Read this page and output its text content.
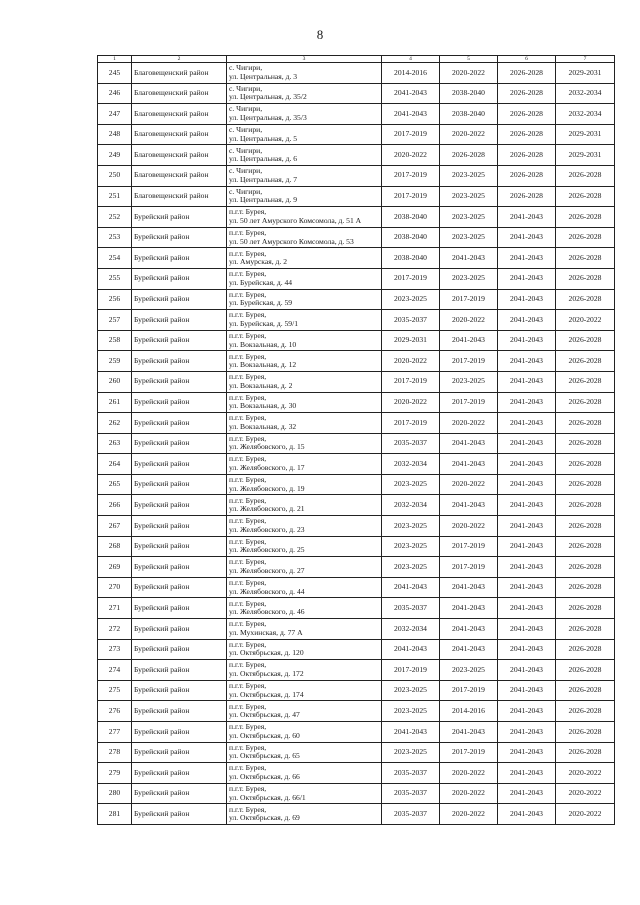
8
1	2	3	4	5	6	7
245	Благовещенский район	с. Чигири,
ул. Центральная, д. 3	2014-2016	2020-2022	2026-2028	2029-2031
246	Благовещенский район	с. Чигири,
ул. Центральная, д. 35/2	2041-2043	2038-2040	2026-2028	2032-2034
247	Благовещенский район	с. Чигири,
ул. Центральная, д. 35/3	2041-2043	2038-2040	2026-2028	2032-2034
248	Благовещенский район	с. Чигири,
ул. Центральная, д. 5	2017-2019	2020-2022	2026-2028	2029-2031
249	Благовещенский район	с. Чигири,
ул. Центральная, д. 6	2020-2022	2026-2028	2026-2028	2029-2031
250	Благовещенский район	с. Чигири,
ул. Центральная, д. 7	2017-2019	2023-2025	2026-2028	2026-2028
251	Благовещенский район	с. Чигири,
ул. Центральная, д. 9	2017-2019	2023-2025	2026-2028	2026-2028
252	Бурейский район	п.г.т. Бурея,
ул. 50 лет Амурского Комсомола, д. 51 А	2038-2040	2023-2025	2041-2043	2026-2028
253	Бурейский район	п.г.т. Бурея,
ул. 50 лет Амурского Комсомола, д. 53	2038-2040	2023-2025	2041-2043	2026-2028
254	Бурейский район	п.г.т. Бурея,
ул. Амурская, д. 2	2038-2040	2041-2043	2041-2043	2026-2028
255	Бурейский район	п.г.т. Бурея,
ул. Бурейская, д. 44	2017-2019	2023-2025	2041-2043	2026-2028
256	Бурейский район	п.г.т. Бурея,
ул. Бурейская, д. 59	2023-2025	2017-2019	2041-2043	2026-2028
257	Бурейский район	п.г.т. Бурея,
ул. Бурейская, д. 59/1	2035-2037	2020-2022	2041-2043	2020-2022
258	Бурейский район	п.г.т. Бурея,
ул. Вокзальная, д. 10	2029-2031	2041-2043	2041-2043	2026-2028
259	Бурейский район	п.г.т. Бурея,
ул. Вокзальная, д. 12	2020-2022	2017-2019	2041-2043	2026-2028
260	Бурейский район	п.г.т. Бурея,
ул. Вокзальная, д. 2	2017-2019	2023-2025	2041-2043	2026-2028
261	Бурейский район	п.г.т. Бурея,
ул. Вокзальная, д. 30	2020-2022	2017-2019	2041-2043	2026-2028
262	Бурейский район	п.г.т. Бурея,
ул. Вокзальная, д. 32	2017-2019	2020-2022	2041-2043	2026-2028
263	Бурейский район	п.г.т. Бурея,
ул. Желябовского, д. 15	2035-2037	2041-2043	2041-2043	2026-2028
264	Бурейский район	п.г.т. Бурея,
ул. Желябовского, д. 17	2032-2034	2041-2043	2041-2043	2026-2028
265	Бурейский район	п.г.т. Бурея,
ул. Желябовского, д. 19	2023-2025	2020-2022	2041-2043	2026-2028
266	Бурейский район	п.г.т. Бурея,
ул. Желябовского, д. 21	2032-2034	2041-2043	2041-2043	2026-2028
267	Бурейский район	п.г.т. Бурея,
ул. Желябовского, д. 23	2023-2025	2020-2022	2041-2043	2026-2028
268	Бурейский район	п.г.т. Бурея,
ул. Желябовского, д. 25	2023-2025	2017-2019	2041-2043	2026-2028
269	Бурейский район	п.г.т. Бурея,
ул. Желябовского, д. 27	2023-2025	2017-2019	2041-2043	2026-2028
270	Бурейский район	п.г.т. Бурея,
ул. Желябовского, д. 44	2041-2043	2041-2043	2041-2043	2026-2028
271	Бурейский район	п.г.т. Бурея,
ул. Желябовского, д. 46	2035-2037	2041-2043	2041-2043	2026-2028
272	Бурейский район	п.г.т. Бурея,
ул. Мухинская, д. 77 А	2032-2034	2041-2043	2041-2043	2026-2028
273	Бурейский район	п.г.т. Бурея,
ул. Октябрьская, д. 120	2041-2043	2041-2043	2041-2043	2026-2028
274	Бурейский район	п.г.т. Бурея,
ул. Октябрьская, д. 172	2017-2019	2023-2025	2041-2043	2026-2028
275	Бурейский район	п.г.т. Бурея,
ул. Октябрьская, д. 174	2023-2025	2017-2019	2041-2043	2026-2028
276	Бурейский район	п.г.т. Бурея,
ул. Октябрьская, д. 47	2023-2025	2014-2016	2041-2043	2026-2028
277	Бурейский район	п.г.т. Бурея,
ул. Октябрьская, д. 60	2041-2043	2041-2043	2041-2043	2026-2028
278	Бурейский район	п.г.т. Бурея,
ул. Октябрьская, д. 65	2023-2025	2017-2019	2041-2043	2026-2028
279	Бурейский район	п.г.т. Бурея,
ул. Октябрьская, д. 66	2035-2037	2020-2022	2041-2043	2020-2022
280	Бурейский район	п.г.т. Бурея,
ул. Октябрьская, д. 66/1	2035-2037	2020-2022	2041-2043	2020-2022
281	Бурейский район	п.г.т. Бурея,
ул. Октябрьская, д. 69	2035-2037	2020-2022	2041-2043	2020-2022
